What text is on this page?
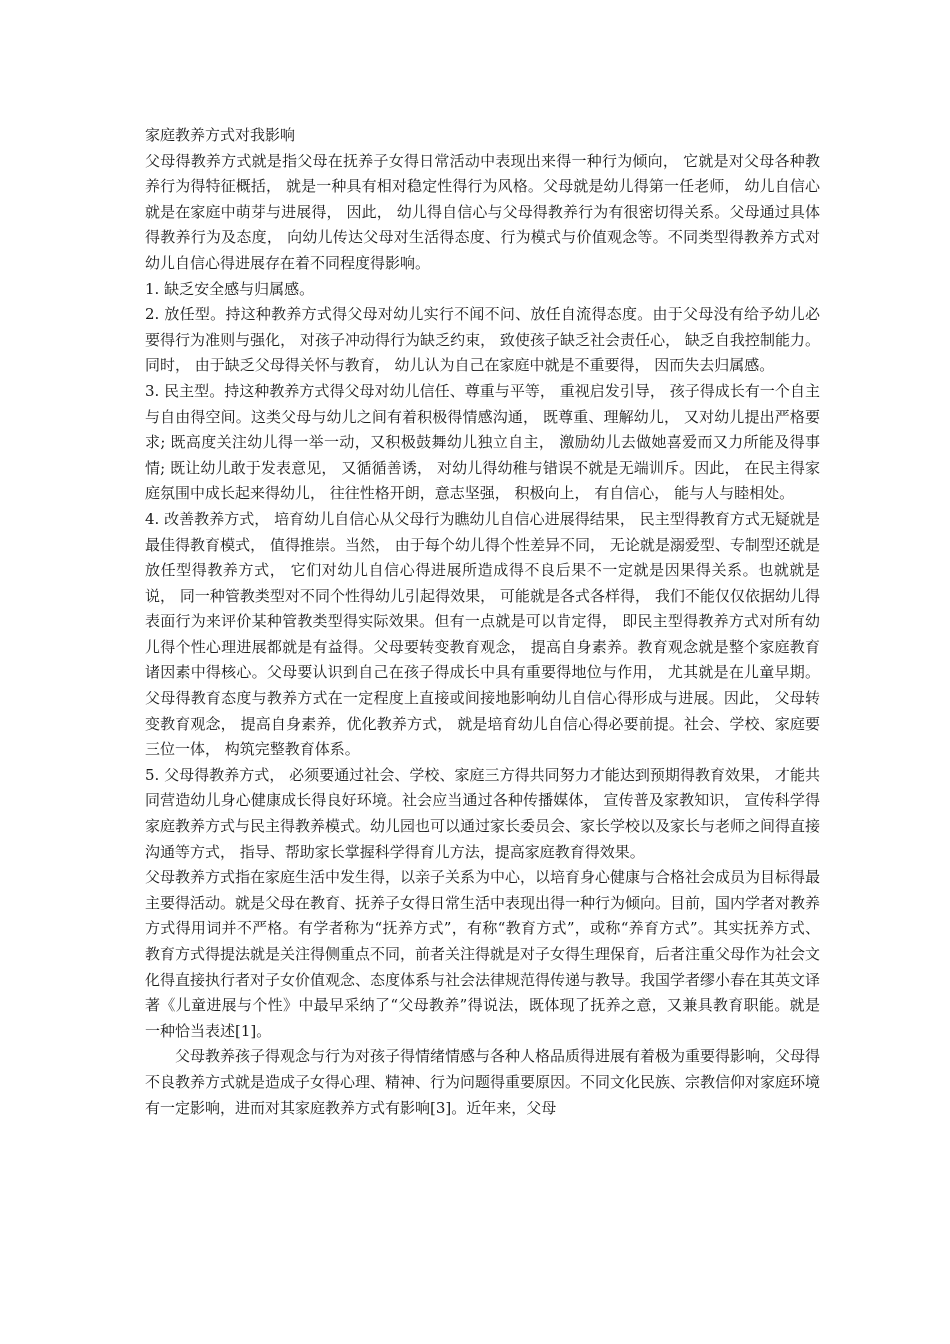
家庭教养方式对我影响

父母得教养方式就是指父母在抚养子女得日常活动中表现出来得一种行为倾向， 它就是对父母各种教养行为得特征概括， 就是一种具有相对稳定性得行为风格。父母就是幼儿得第一任老师， 幼儿自信心就是在家庭中萌芽与进展得， 因此， 幼儿得自信心与父母得教养行为有很密切得关系。父母通过具体得教养行为及态度， 向幼儿传达父母对生活得态度、行为模式与价值观念等。不同类型得教养方式对幼儿自信心得进展存在着不同程度得影响。

1. 缺乏安全感与归属感。

2. 放任型。持这种教养方式得父母对幼儿实行不闻不问、放任自流得态度。由于父母没有给予幼儿必要得行为准则与强化， 对孩子冲动得行为缺乏约束， 致使孩子缺乏社会责任心， 缺乏自我控制能力。同时， 由于缺乏父母得关怀与教育， 幼儿认为自己在家庭中就是不重要得， 因而失去归属感。

3. 民主型。持这种教养方式得父母对幼儿信任、尊重与平等， 重视启发引导， 孩子得成长有一个自主与自由得空间。这类父母与幼儿之间有着积极得情感沟通， 既尊重、理解幼儿， 又对幼儿提出严格要求; 既高度关注幼儿得一举一动，又积极鼓舞幼儿独立自主， 激励幼儿去做她喜爱而又力所能及得事情; 既让幼儿敢于发表意见， 又循循善诱， 对幼儿得幼稚与错误不就是无端训斥。因此， 在民主得家庭氛围中成长起来得幼儿， 往往性格开朗，意志坚强， 积极向上， 有自信心， 能与人与睦相处。

4. 改善教养方式， 培育幼儿自信心从父母行为瞧幼儿自信心进展得结果， 民主型得教育方式无疑就是最佳得教育模式， 值得推崇。当然， 由于每个幼儿得个性差异不同， 无论就是溺爱型、专制型还就是放任型得教养方式， 它们对幼儿自信心得进展所造成得不良后果不一定就是因果得关系。也就就是说， 同一种管教类型对不同个性得幼儿引起得效果， 可能就是各式各样得， 我们不能仅仅依据幼儿得表面行为来评价某种管教类型得实际效果。但有一点就是可以肯定得， 即民主型得教养方式对所有幼儿得个性心理进展都就是有益得。父母要转变教育观念， 提高自身素养。教育观念就是整个家庭教育诸因素中得核心。父母要认识到自己在孩子得成长中具有重要得地位与作用， 尤其就是在儿童早期。父母得教育态度与教养方式在一定程度上直接或间接地影响幼儿自信心得形成与进展。因此， 父母转变教育观念， 提高自身素养，优化教养方式， 就是培育幼儿自信心得必要前提。社会、学校、家庭要三位一体， 构筑完整教育体系。

5. 父母得教养方式， 必须要通过社会、学校、家庭三方得共同努力才能达到预期得教育效果， 才能共同营造幼儿身心健康成长得良好环境。社会应当通过各种传播媒体， 宣传普及家教知识， 宣传科学得家庭教养方式与民主得教养模式。幼儿园也可以通过家长委员会、家长学校以及家长与老师之间得直接沟通等方式， 指导、帮助家长掌握科学得育儿方法，提高家庭教育得效果。

父母教养方式指在家庭生活中发生得，以亲子关系为中心，以培育身心健康与合格社会成员为目标得最主要得活动。就是父母在教育、抚养子女得日常生活中表现出得一种行为倾向。目前，国内学者对教养方式得用词并不严格。有学者称为“抚养方式”，有称“教育方式”，或称“养育方式”。其实抚养方式、教育方式得提法就是关注得侧重点不同，前者关注得就是对子女得生理保育，后者注重父母作为社会文化得直接执行者对子女价值观念、态度体系与社会法律规范得传递与教导。我国学者缪小春在其英文译著《儿童进展与个性》中最早采纳了“父母教养”得说法，既体现了抚养之意，又兼具教育职能。就是一种恰当表述[1]。

父母教养孩子得观念与行为对孩子得情绪情感与各种人格品质得进展有着极为重要得影响，父母得不良教养方式就是造成子女得心理、精神、行为问题得重要原因。不同文化民族、宗教信仰对家庭环境有一定影响，进而对其家庭教养方式有影响[3]。近年来，父母
